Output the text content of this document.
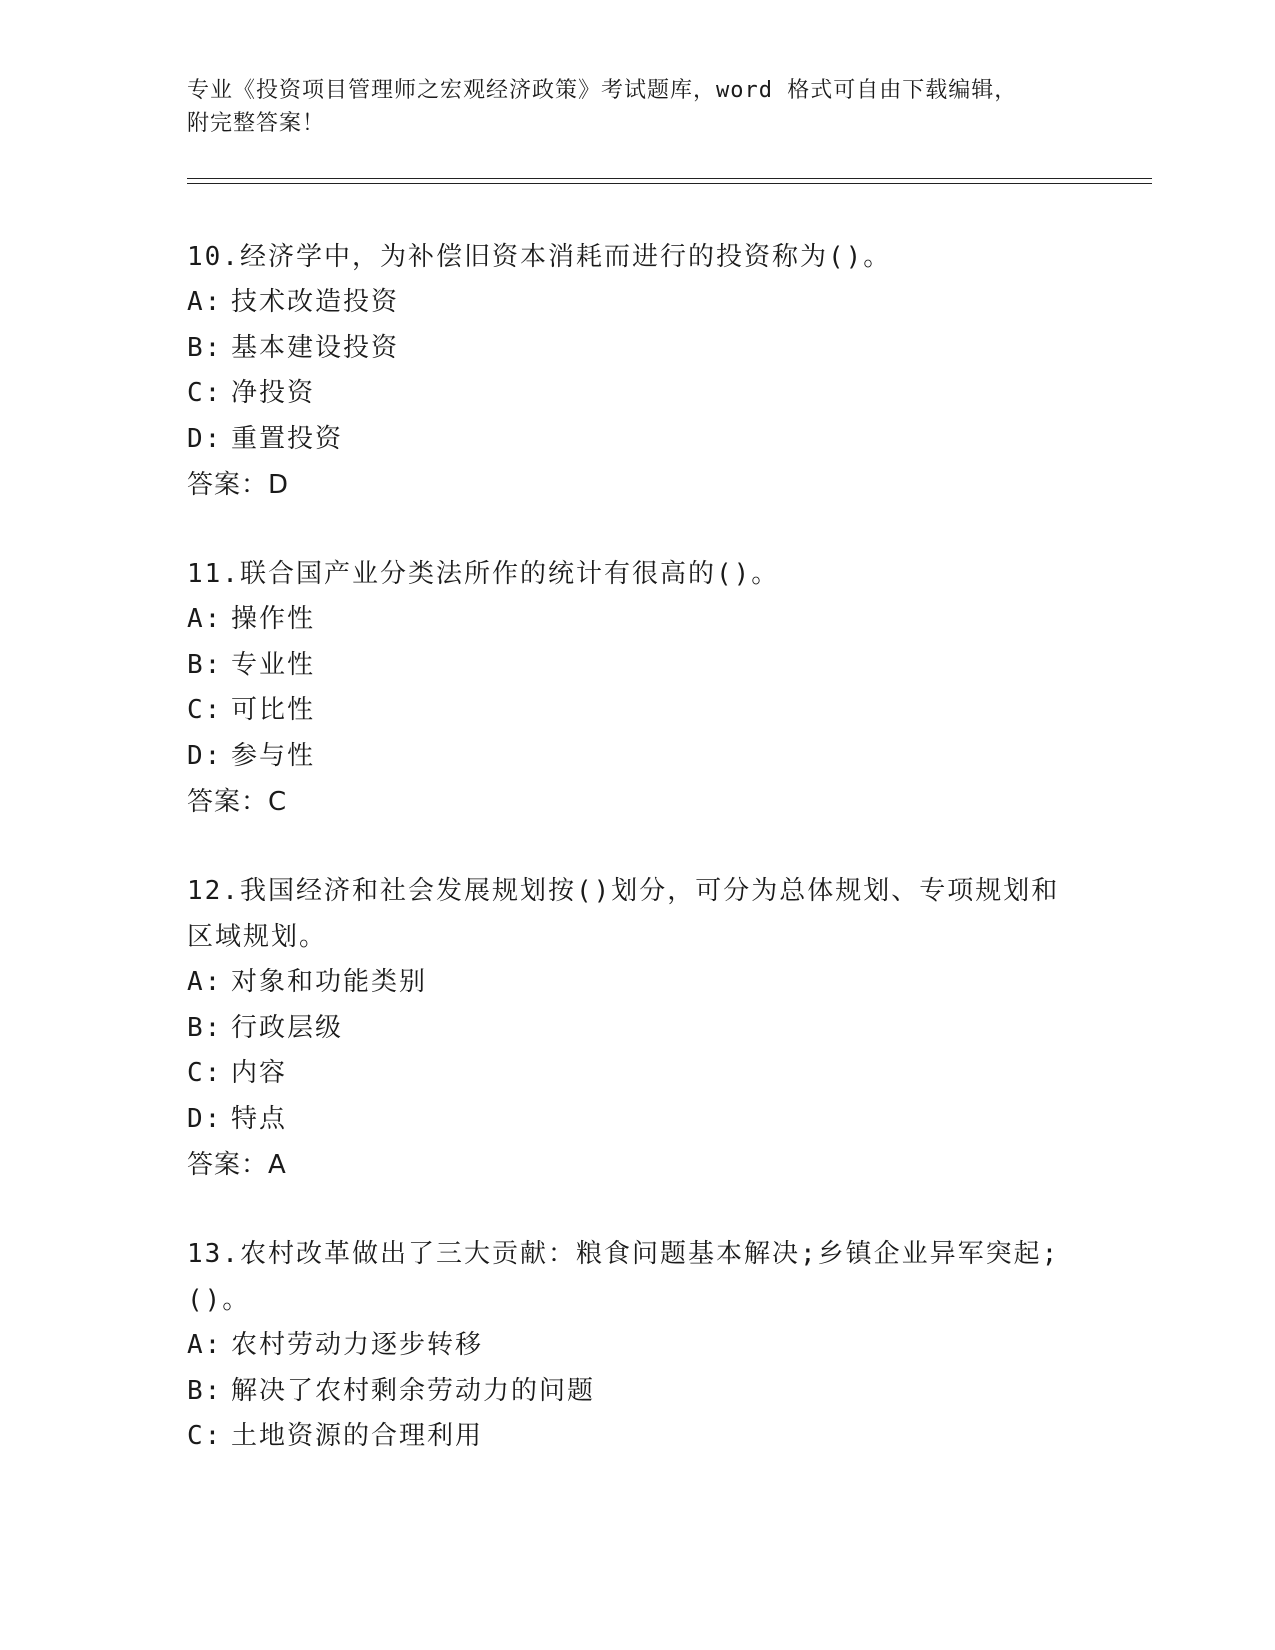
专业《投资项目管理师之宏观经济政策》考试题库，word 格式可自由下载编辑，
附完整答案！

10.经济学中，为补偿旧资本消耗而进行的投资称为()。

A: 技术改造投资

B: 基本建设投资

C: 净投资

D: 重置投资

答案：D

11.联合国产业分类法所作的统计有很高的()。

A: 操作性

B: 专业性

C: 可比性

D: 参与性

答案：C

12.我国经济和社会发展规划按()划分，可分为总体规划、专项规划和区域规划。

A: 对象和功能类别

B: 行政层级

C: 内容

D: 特点

答案：A

13.农村改革做出了三大贡献：粮食问题基本解决;乡镇企业异军突起;()。

A: 农村劳动力逐步转移

B: 解决了农村剩余劳动力的问题

C: 土地资源的合理利用
